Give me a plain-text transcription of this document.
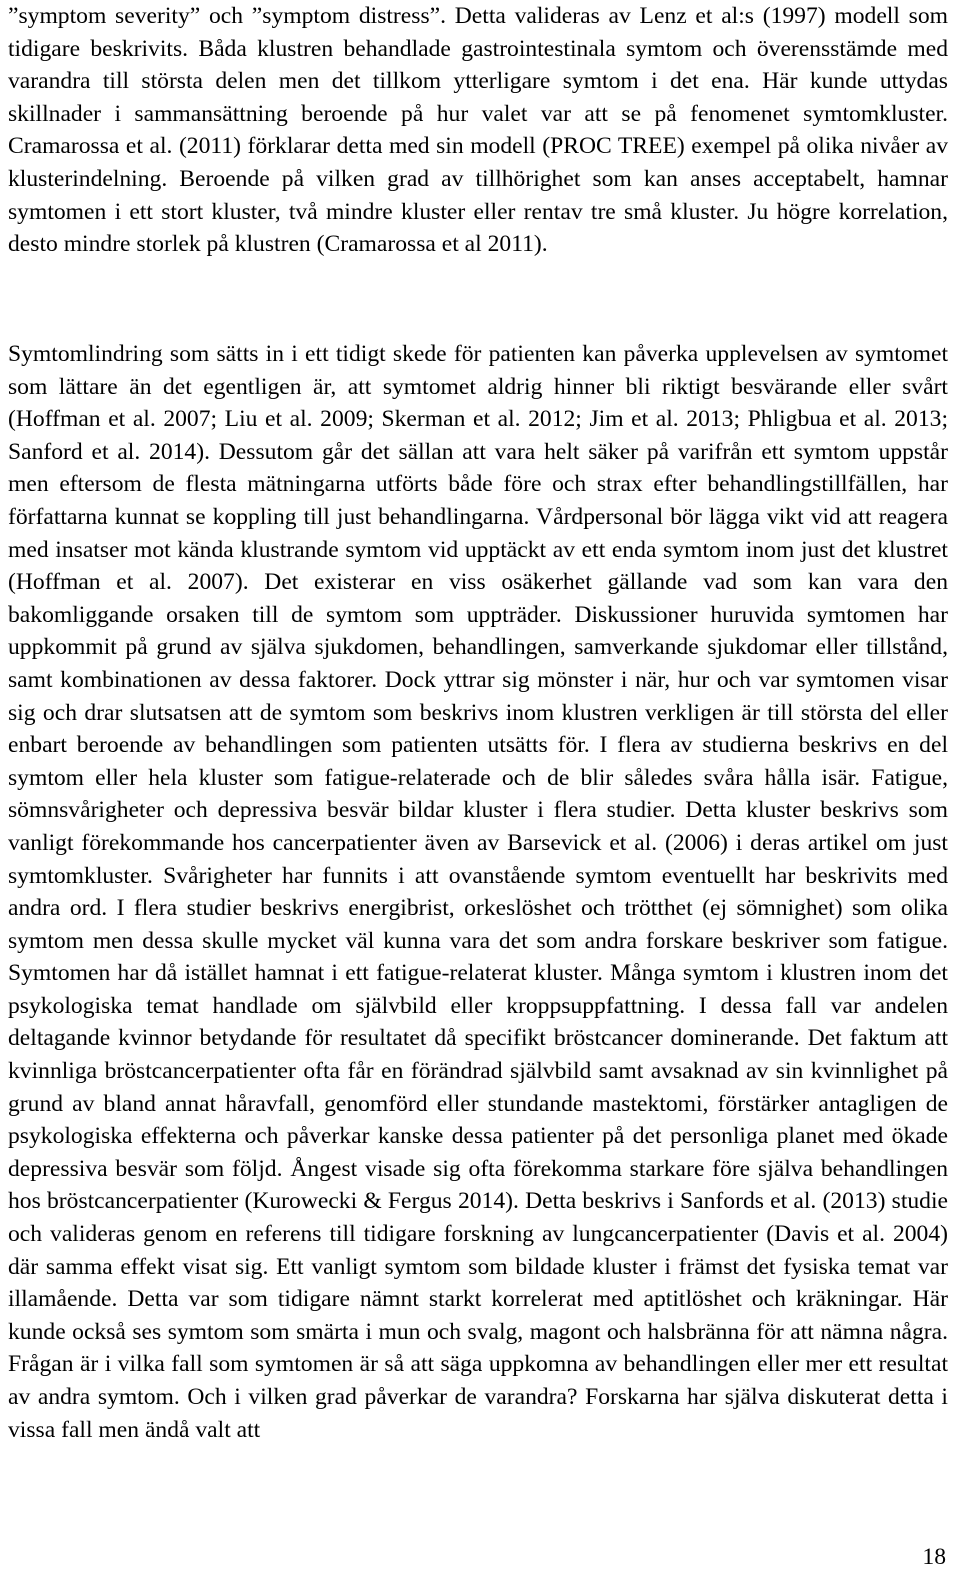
”symptom severity” och ”symptom distress”. Detta valideras av Lenz et al:s (1997) modell som tidigare beskrivits. Båda klustren behandlade gastrointestinala symtom och överensstämde med varandra till största delen men det tillkom ytterligare symtom i det ena. Här kunde uttydas skillnader i sammansättning beroende på hur valet var att se på fenomenet symtomkluster. Cramarossa et al. (2011) förklarar detta med sin modell (PROC TREE) exempel på olika nivåer av klusterindelning. Beroende på vilken grad av tillhörighet som kan anses acceptabelt, hamnar symtomen i ett stort kluster, två mindre kluster eller rentav tre små kluster. Ju högre korrelation, desto mindre storlek på klustren (Cramarossa et al 2011).

Symtomlindring som sätts in i ett tidigt skede för patienten kan påverka upplevelsen av symtomet som lättare än det egentligen är, att symtomet aldrig hinner bli riktigt besvärande eller svårt (Hoffman et al. 2007; Liu et al. 2009; Skerman et al. 2012; Jim et al. 2013; Phligbua et al. 2013; Sanford et al. 2014). Dessutom går det sällan att vara helt säker på varifrån ett symtom uppstår men eftersom de flesta mätningarna utförts både före och strax efter behandlingstillfällen, har författarna kunnat se koppling till just behandlingarna. Vårdpersonal bör lägga vikt vid att reagera med insatser mot kända klustrande symtom vid upptäckt av ett enda symtom inom just det klustret (Hoffman et al. 2007). Det existerar en viss osäkerhet gällande vad som kan vara den bakomliggande orsaken till de symtom som uppträder. Diskussioner huruvida symtomen har uppkommit på grund av själva sjukdomen, behandlingen, samverkande sjukdomar eller tillstånd, samt kombinationen av dessa faktorer. Dock yttrar sig mönster i när, hur och var symtomen visar sig och drar slutsatsen att de symtom som beskrivs inom klustren verkligen är till största del eller enbart beroende av behandlingen som patienten utsätts för. I flera av studierna beskrivs en del symtom eller hela kluster som fatigue-relaterade och de blir således svåra hålla isär. Fatigue, sömnsvårigheter och depressiva besvär bildar kluster i flera studier. Detta kluster beskrivs som vanligt förekommande hos cancerpatienter även av Barsevick et al. (2006) i deras artikel om just symtomkluster. Svårigheter har funnits i att ovanstående symtom eventuellt har beskrivits med andra ord. I flera studier beskrivs energibrist, orkeslöshet och trötthet (ej sömnighet) som olika symtom men dessa skulle mycket väl kunna vara det som andra forskare beskriver som fatigue. Symtomen har då istället hamnat i ett fatigue-relaterat kluster. Många symtom i klustren inom det psykologiska temat handlade om självbild eller kroppsuppfattning. I dessa fall var andelen deltagande kvinnor betydande för resultatet då specifikt bröstcancer dominerande. Det faktum att kvinnliga bröstcancerpatienter ofta får en förändrad självbild samt avsaknad av sin kvinnlighet på grund av bland annat håravfall, genomförd eller stundande mastektomi, förstärker antagligen de psykologiska effekterna och påverkar kanske dessa patienter på det personliga planet med ökade depressiva besvär som följd. Ångest visade sig ofta förekomma starkare före själva behandlingen hos bröstcancerpatienter (Kurowecki & Fergus 2014). Detta beskrivs i Sanfords et al. (2013) studie och valideras genom en referens till tidigare forskning av lungcancerpatienter (Davis et al. 2004) där samma effekt visat sig. Ett vanligt symtom som bildade kluster i främst det fysiska temat var illamående. Detta var som tidigare nämnt starkt korrelerat med aptitlöshet och kräkningar. Här kunde också ses symtom som smärta i mun och svalg, magont och halsbränna för att nämna några. Frågan är i vilka fall som symtomen är så att säga uppkomna av behandlingen eller mer ett resultat av andra symtom. Och i vilken grad påverkar de varandra? Forskarna har själva diskuterat detta i vissa fall men ändå valt att

18
